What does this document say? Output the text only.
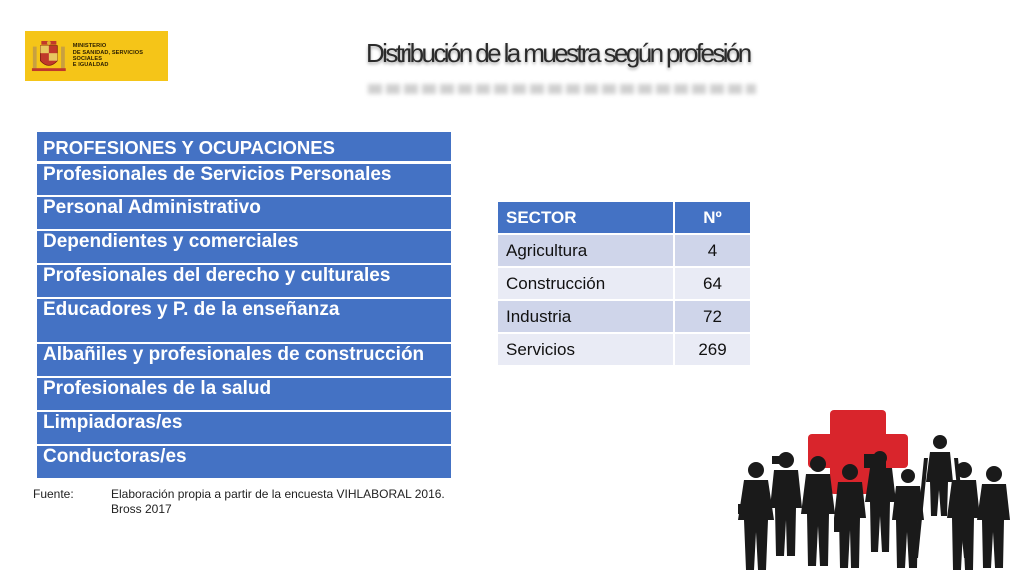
MINISTERIO
DE SANIDAD, SERVICIOS SOCIALES
E IGUALDAD	Distribución de la muestra según profesión
PROFESIONES Y OCUPACIONES
Profesionales de Servicios Personales
Personal Administrativo
Dependientes y comerciales
Profesionales del derecho y culturales
Educadores y P. de la enseñanza
Albañiles y profesionales de construcción
Profesionales de la salud
Limpiadoras/es
Conductoras/es
SECTOR	Nº
Agricultura	4
Construcción	64
Industria	72
Servicios	269
Fuente:	Elaboración propia a partir de la encuesta VIHLABORAL 2016.
Bross 2017
